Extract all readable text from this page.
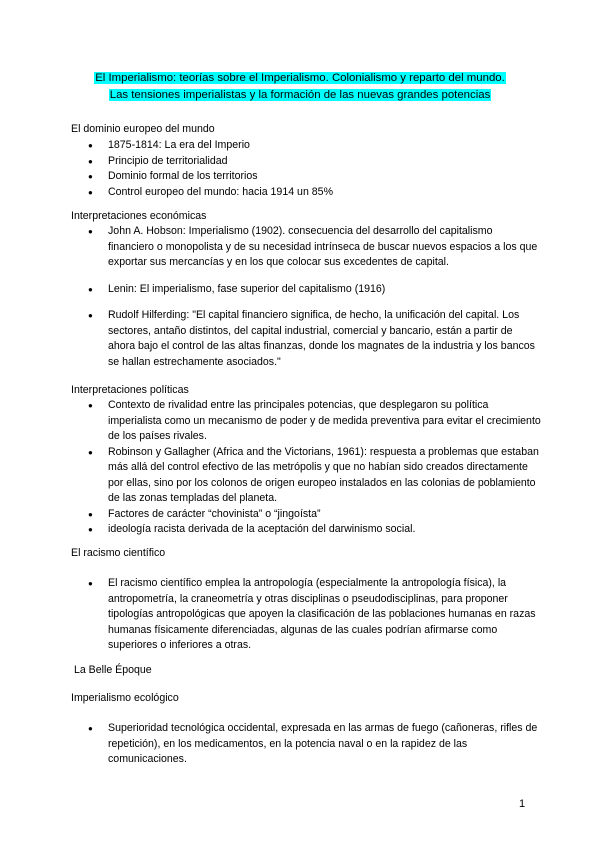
El Imperialismo: teorías sobre el Imperialismo. Colonialismo y reparto del mundo.
Las tensiones imperialistas y la formación de las nuevas grandes potencias
El dominio europeo del mundo
● 1875-1814: La era del Imperio
● Principio de territorialidad
● Dominio formal de los territorios
● Control europeo del mundo: hacia 1914 un 85%
Interpretaciones económicas
● John A. Hobson: Imperialismo (1902). consecuencia del desarrollo del capitalismo financiero o monopolista y de su necesidad intrínseca de buscar nuevos espacios a los que exportar sus mercancías y en los que colocar sus excedentes de capital.
● Lenin: El imperialismo, fase superior del capitalismo (1916)
● Rudolf Hilferding: "El capital financiero significa, de hecho, la unificación del capital. Los sectores, antaño distintos, del capital industrial, comercial y bancario, están a partir de ahora bajo el control de las altas finanzas, donde los magnates de la industria y los bancos se hallan estrechamente asociados."
Interpretaciones políticas
● Contexto de rivalidad entre las principales potencias, que desplegaron su política imperialista como un mecanismo de poder y de medida preventiva para evitar el crecimiento de los países rivales.
● Robinson y Gallagher (Africa and the Victorians, 1961): respuesta a problemas que estaban más allá del control efectivo de las metrópolis y que no habían sido creados directamente por ellas, sino por los colonos de origen europeo instalados en las colonias de poblamiento de las zonas templadas del planeta.
● Factores de carácter “chovinista” o “jingoísta”
● ideología racista derivada de la aceptación del darwinismo social.
El racismo científico
● El racismo científico emplea la antropología (especialmente la antropología física), la antropometría, la craneometría y otras disciplinas o pseudodisciplinas, para proponer tipologías antropológicas que apoyen la clasificación de las poblaciones humanas en razas humanas físicamente diferenciadas, algunas de las cuales podrían afirmarse como superiores o inferiores a otras.
La Belle Époque
Imperialismo ecológico
● Superioridad tecnológica occidental, expresada en las armas de fuego (cañoneras, rifles de repetición), en los medicamentos, en la potencia naval o en la rapidez de las comunicaciones.
1
